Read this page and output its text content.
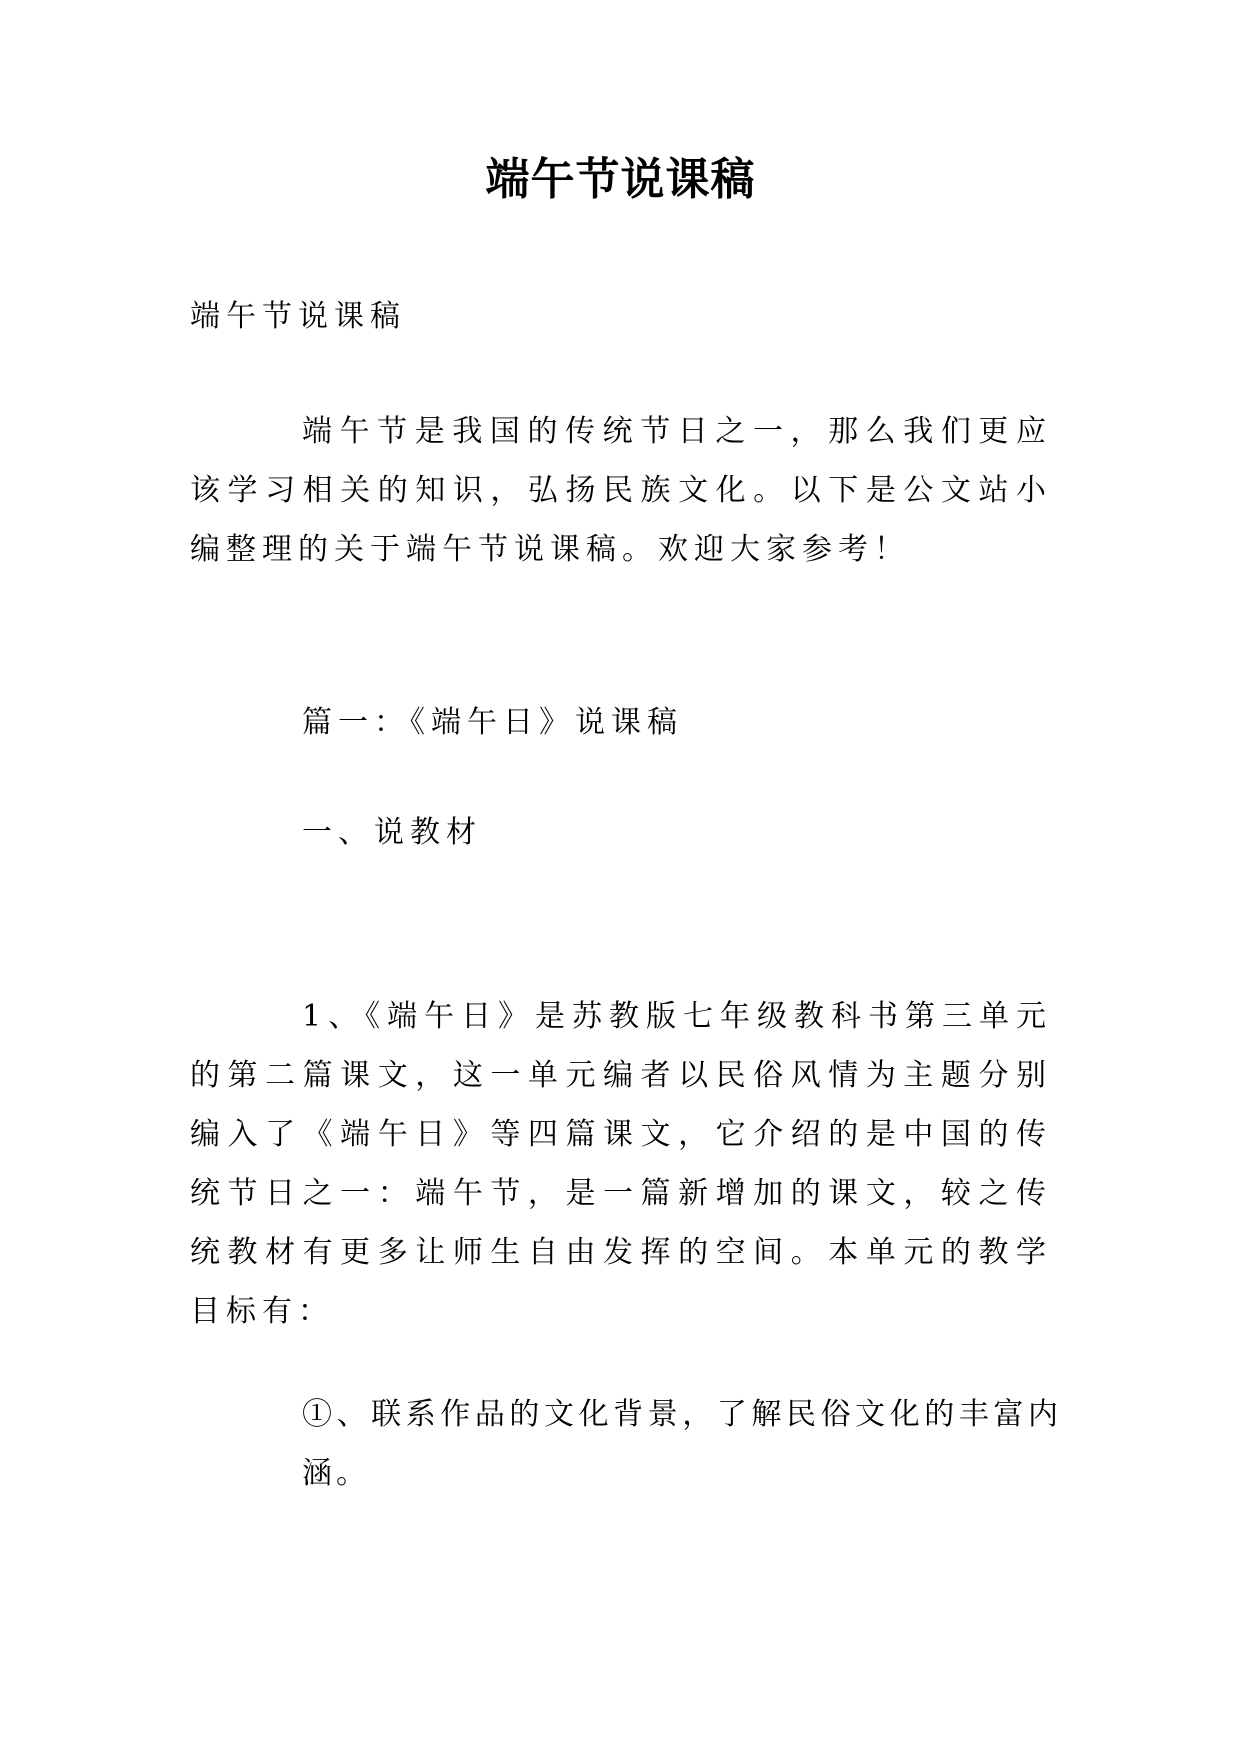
端午节说课稿

端午节说课稿

端午节是我国的传统节日之一，那么我们更应该学习相关的知识，弘扬民族文化。以下是公文站小编整理的关于端午节说课稿。欢迎大家参考！

篇一：《端午日》说课稿

一、说教材

1、《端午日》是苏教版七年级教科书第三单元的第二篇课文，这一单元编者以民俗风情为主题分别编入了《端午日》等四篇课文，它介绍的是中国的传统节日之一：端午节，是一篇新增加的课文，较之传统教材有更多让师生自由发挥的空间。本单元的教学目标有：

①、联系作品的文化背景，了解民俗文化的丰富内涵。
